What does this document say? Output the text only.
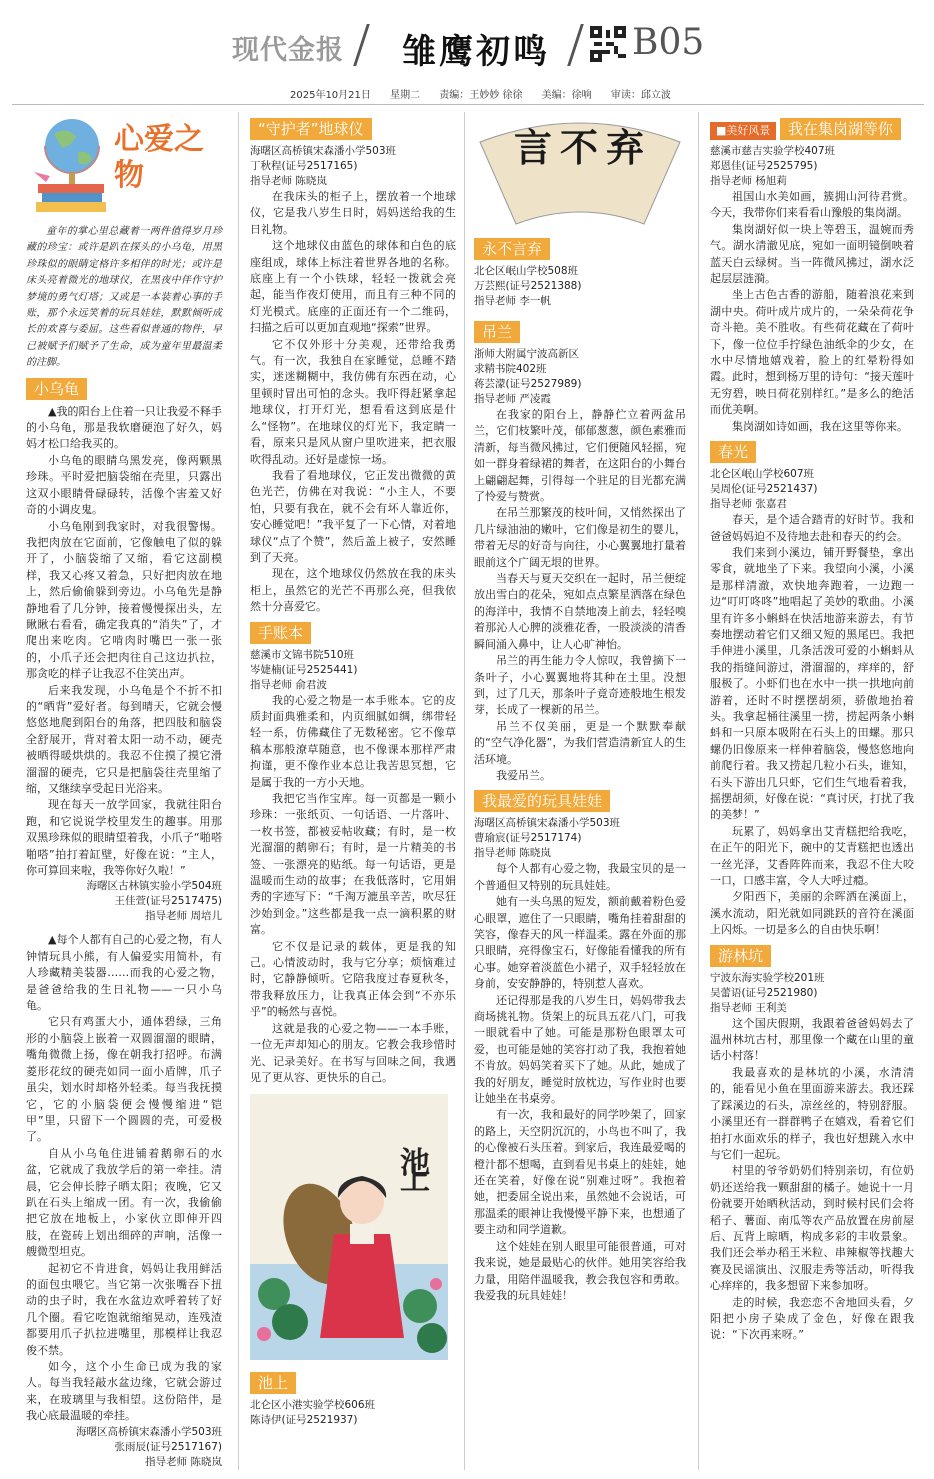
现代金报 雏鹰初鸣 B05
2025年10月21日 星期二 责编：王妙妙 徐徐 美编：徐响 审读：邱立波
心爱之物

童年的掌心里总藏着一两件值得岁月珍藏的珍宝：或许是趴在探头的小乌龟，用黑珍珠似的眼睛定格许多相伴的时光；或许是床头亮着微光的地球仪，在黑夜中伴作守护梦境的勇气灯塔；又或是一本装着心事的手账，那个永远笑着的玩具娃娃，默默倾听成长的欢喜与委屈。这些看似普通的物件，早已被赋予们赋予了生命，成为童年里最温柔的注脚。

小乌龟

▲我的阳台上住着一只让我爱不释手的小乌龟，那是我软磨硬泡了好久，妈妈才松口给我买的。

小乌龟的眼睛乌黑发亮，像两颗黑珍珠。平时爱把脑袋缩在壳里，只露出这双小眼睛骨碌碌转，活像个害羞又好奇的小调皮鬼。

小乌龟刚到我家时，对我很警惕。我把肉放在它面前，它像触电了似的躲开了，小脑袋缩了又缩，看它这副模样，我又心疼又着急，只好把肉放在地上，然后偷偷躲到旁边。小乌龟先是静静地看了几分钟，接着慢慢探出头，左瞅瞅右看看，确定我真的“消失”了，才爬出来吃肉。它啃肉时嘴巴一张一张的，小爪子还会把肉往自己这边扒拉，那贪吃的样子让我忍不住笑出声。

后来我发现，小乌龟是个不折不扣的“晒背”爱好者。每到晴天，它就会慢悠悠地爬到阳台的角落，把四肢和脑袋全舒展开，背对着太阳一动不动，硬壳被晒得暖烘烘的。我忍不住摸了摸它滑溜溜的硬壳，它只是把脑袋往壳里缩了缩，又继续享受起日光浴来。

现在每天一放学回家，我就往阳台跑，和它说说学校里发生的趣事。用那双黑珍珠似的眼睛望着我，小爪子“啪嗒啪嗒”拍打着缸壁，好像在说：“主人，你可算回来啦，我等你好久啦！”

海曙区古林镇实验小学504班
王佳萱(证号2517475)
指导老师 周培儿

▲每个人都有自己的心爱之物，有人钟情玩具小熊，有人偏爱实用简朴，有人珍藏精美装器……而我的心爱之物，是爸爸给我的生日礼物——一只小乌龟。

它只有鸡蛋大小，通体碧绿，三角形的小脑袋上嵌着一双圆溜溜的眼睛，嘴角微微上扬，像在朝我打招呼。布满菱形花纹的硬壳如同一面小盾牌，爪子虽尖，划水时却格外轻柔。每当我抚摸它，它的小脑袋便会慢慢缩进“铠甲”里，只留下一个圆圆的壳，可爱极了。

自从小乌龟住进铺着鹅卵石的水盆，它就成了我放学后的第一牵挂。清晨，它会伸长脖子晒太阳；夜晚，它又趴在石头上缩成一团。有一次，我偷偷把它放在地板上，小家伙立即伸开四肢，在瓷砖上划出细碎的声响，活像一艘微型坦克。

起初它不肯进食，妈妈让我用鲜活的面包虫喂它。当它第一次张嘴吞下扭动的虫子时，我在水盆边欢呼着转了好几个圈。看它吃饱就缩缩晃动，连残渣都要用爪子扒拉进嘴里，那模样让我忍俊不禁。

如今，这个小生命已成为我的家人。每当我轻敲水盆边缘，它就会游过来，在玻璃里与我相望。这份陪伴，是我心底最温暖的牵挂。

海曙区高桥镇宋森潘小学503班
张雨辰(证号2517167)
指导老师 陈晓岚
“守护者”地球仪
海曙区高桥镇宋森潘小学503班
丁秋程(证号2517165)
指导老师 陈晓岚

在我床头的柜子上，摆放着一个地球仪，它是我八岁生日时，妈妈送给我的生日礼物。

这个地球仪由蓝色的球体和白色的底座组成，球体上标注着世界各地的名称。底座上有一个小铁球，轻轻一拨就会亮起，能当作夜灯使用，而且有三种不同的灯光模式。底座的正面还有一个二维码，扫描之后可以更加直观地“探索”世界。

它不仅外形十分美观，还带给我勇气。有一次，我独自在家睡觉，总睡不踏实，迷迷糊糊中，我仿佛有东西在动，心里顿时冒出可怕的念头。我吓得赶紧拿起地球仪，打开灯光，想看看这到底是什么“怪物”。在地球仪的灯光下，我定睛一看，原来只是风从窗户里吹进来，把衣服吹得乱动。还好是虚惊一场。

我看了看地球仪，它正发出微微的黄色光芒，仿佛在对我说：“小主人，不要怕，只要有我在，就不会有坏人靠近你，安心睡觉吧！”我平复了一下心情，对着地球仪“点了个赞”，然后盖上被子，安然睡到了天亮。

现在，这个地球仪仍然放在我的床头柜上，虽然它的光芒不再那么亮，但我依然十分喜爱它。

手账本
慈溪市文锦书院510班
岑婕楠(证号2525441)
指导老师 俞君波

我的心爱之物是一本手账本。它的皮质封面典雅柔和，内页细腻如绸，绑带轻轻一系，仿佛藏住了无数秘密。它不像草稿本那般潦草随意，也不像课本那样严肃拘谨，更不像作业本总让我苦思冥想，它是属于我的一方小天地。

我把它当作宝库。每一页都是一颗小珍珠：一张纸页、一句话语、一片落叶、一枚书签，都被妥帖收藏；有时，是一枚光溜溜的鹅卵石；有时，是一片精美的书签、一张漂亮的贴纸。每一句话语，更是温暖而生动的故事；在我低落时，它用娟秀的字迹写下：“千淘万漉虽辛苦，吹尽狂沙始到金。”这些都是我一点一滴积累的财富。

它不仅是记录的载体，更是我的知己。心情波动时，我与它分享；烦恼难过时，它静静倾听。它陪我度过春夏秋冬，带我释放压力，让我真正体会到“不亦乐乎”的畅然与喜悦。

这就是我的心爱之物——一本手账，一位无声却知心的朋友。它教会我珍惜时光、记录美好。在书写与回味之间，我遇见了更从容、更快乐的自己。

池上
池上
北仑区小港实验学校606班
陈诗伊(证号2521937)
言不弃
永不言弃
北仑区岷山学校508班
万芸熙(证号2521388)
指导老师 李一帆
吊兰
浙师大附属宁波高新区
求精书院402班
蒋芸濛(证号2527989)
指导老师 严凌霞

在我家的阳台上，静静伫立着两盆吊兰，它们枝繁叶茂，郁郁葱葱，颜色素雅而清新，每当微风拂过，它们便随风轻摇，宛如一群身着绿裙的舞者，在这阳台的小舞台上翩翩起舞，引得每一个驻足的目光都充满了怜爱与赞赏。

在吊兰那繁茂的枝叶间，又悄然探出了几片绿油油的嫩叶，它们像是初生的婴儿，带着无尽的好奇与向往，小心翼翼地打量着眼前这个广阔无垠的世界。

当春天与夏天交织在一起时，吊兰便绽放出雪白的花朵，宛如点点繁星洒落在绿色的海洋中，我情不自禁地凑上前去，轻轻嗅着那沁人心脾的淡雅花香，一股淡淡的清香瞬间涌入鼻中，让人心旷神怡。

吊兰的再生能力令人惊叹，我曾摘下一条叶子，小心翼翼地将其种在土里。没想到，过了几天，那条叶子竟奇迹般地生根发芽，长成了一棵新的吊兰。

吊兰不仅美丽，更是一个默默奉献的“空气净化器”，为我们营造清新宜人的生活环境。

我爱吊兰。

我最爱的玩具娃娃
海曙区高桥镇宋森潘小学503班
曹瑜宸(证号2517174)
指导老师 陈晓岚

每个人都有心爱之物，我最宝贝的是一个普通但又特别的玩具娃娃。

她有一头乌黑的短发，额前戴着粉色爱心眼罩，遮住了一只眼睛，嘴角挂着甜甜的笑容，像春天的风一样温柔。露在外面的那只眼睛，亮得像宝石，好像能看懂我的所有心事。她穿着淡蓝色小裙子，双手轻轻放在身前，安安静静的，特别惹人喜欢。

还记得那是我的八岁生日，妈妈带我去商场挑礼物。货架上的玩具五花八门，可我一眼就看中了她。可能是那粉色眼罩太可爱，也可能是她的笑容打动了我，我抱着她不肯放。妈妈笑着买下了她。从此，她成了我的好朋友，睡觉时放枕边，写作业时也要让她坐在书桌旁。

有一次，我和最好的同学吵架了，回家的路上，天空阴沉沉的，小鸟也不叫了，我的心像被石头压着。到家后，我连最爱喝的橙汁都不想喝，直到看见书桌上的娃娃，她还在笑着，好像在说“别难过呀”。我抱着她，把委屈全说出来，虽然她不会说话，可那温柔的眼神让我慢慢平静下来，也想通了要主动和同学道歉。

这个娃娃在别人眼里可能很普通，可对我来说，她是最贴心的伙伴。她用笑容给我力量，用陪伴温暖我，教会我包容和勇敢。我爱我的玩具娃娃！

■美好风景 我在集岗湖等你
慈溪市慈吉实验学校407班
郑恩佳(证号2525795)
指导老师 杨旭莉

祖国山水美如画，簇拥山河待君赏。今天，我带你们来看看山豫般的集岗湖。

集岗湖好似一块上等碧玉，温婉而秀气。湖水清澈见底，宛如一面明镜倒映着蓝天白云绿树。当一阵微风拂过，湖水泛起层层涟漪。

坐上古色古香的游船，随着浪花来到湖中央。荷叶成片成片的，一朵朵荷花争奇斗艳。美不胜收。有些荷花藏在了荷叶下，像一位位手拧绿色油纸伞的少女，在水中尽情地嬉戏着，脸上的红晕粉得如霞。此时，想到杨万里的诗句：“接天莲叶无穷碧，映日荷花别样红。”是多么的绝活而优美啊。

集岗湖如诗如画，我在这里等你来。

春光
北仑区岷山学校607班
吴周伦(证号2521437)
指导老师 张嘉君

春天，是个适合踏青的好时节。我和爸爸妈妈迫不及待地去赴和春天的约会。

我们来到小溪边，铺开野餐垫，拿出零食，就地坐了下来。我望向小溪，小溪是那样清澈，欢快地奔跑着，一边跑一边“叮叮咚咚”地唱起了美妙的歌曲。小溪里有许多小蝌蚪在快活地游来游去，有节奏地摆动着它们又细又短的黑尾巴。我把手伸进小溪里，几条活泼可爱的小蝌蚪从我的指缝间游过，滑溜溜的，痒痒的，舒服极了。小虾们也在水中一拱一拱地向前游着，还时不时摆摆胡须，骄傲地抬着头。我拿起桶往溪里一捞，捞起两条小蝌蚪和一只原本吸附在石头上的田螺。那只螺仍旧像原来一样伸着脑袋，慢悠悠地向前爬行着。我又捞起几粒小石头，谁知，石头下游出几只虾，它们生气地看着我，摇摆胡须，好像在说：“真讨厌，打扰了我的美梦！”

玩累了，妈妈拿出艾青糕把给我吃，在正午的阳光下，碗中的艾青糕把也透出一丝光泽，艾香阵阵而来，我忍不住大咬一口，口感丰富，令人大呼过瘾。

夕阳西下，美丽的余晖洒在溪面上，溪水流动，阳光就如同跳跃的音符在溪面上闪烁。一切是多么的自由快乐啊！

游林坑
宁波东海实验学校201班
吴蕾语(证号2521980)
指导老师 王利美

这个国庆假期，我跟着爸爸妈妈去了温州林坑古村，那里像一个藏在山里的童话小村落！

我最喜欢的是林坑的小溪，水清清的，能看见小鱼在里面游来游去。我还踩了踩溪边的石头，凉丝丝的，特别舒服。小溪里还有一群群鸭子在嬉戏，看着它们拍打水面欢乐的样子，我也好想跳入水中与它们一起玩。

村里的爷爷奶奶们特别亲切，有位奶奶还送给我一颗甜甜的橘子。她说十一月份就要开始晒秋活动，到时候村民们会将稻子、薯面、南瓜等农产品放置在房前屋后、瓦背上晾晒，构成多彩的丰收景象。我们还会举办稻王米粒、串辣椒等找趣大赛及民谣演出、汉服走秀等活动，听得我心痒痒的，我多想留下来参加呀。

走的时候，我恋恋不舍地回头看，夕阳把小房子染成了金色，好像在跟我说：“下次再来呀。”
